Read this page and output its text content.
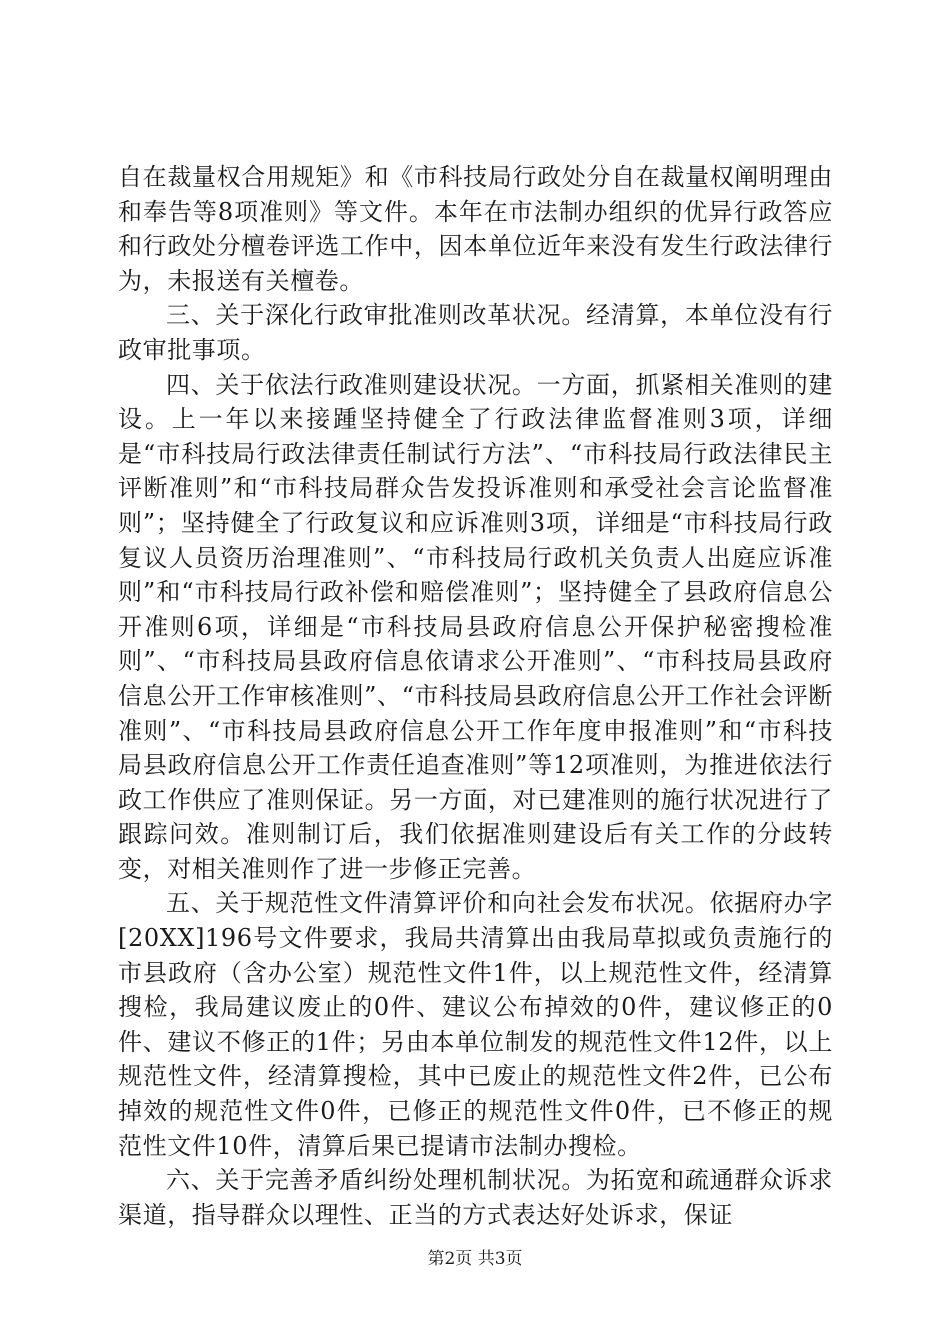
自在裁量权合用规矩》和《市科技局行政处分自在裁量权阐明理由和奉告等8项准则》等文件。本年在市法制办组织的优异行政答应和行政处分檀卷评选工作中，因本单位近年来没有发生行政法律行为，未报送有关檀卷。

三、关于深化行政审批准则改革状况。经清算，本单位没有行政审批事项。

四、关于依法行政准则建设状况。一方面，抓紧相关准则的建设。上一年以来接踵坚持健全了行政法律监督准则3项，详细是“市科技局行政法律责任制试行方法”、“市科技局行政法律民主评断准则”和“市科技局群众告发投诉准则和承受社会言论监督准则”；坚持健全了行政复议和应诉准则3项，详细是“市科技局行政复议人员资历治理准则”、“市科技局行政机关负责人出庭应诉准则”和“市科技局行政补偿和赔偿准则”；坚持健全了县政府信息公开准则6项，详细是“市科技局县政府信息公开保护秘密搜检准则”、“市科技局县政府信息依请求公开准则”、“市科技局县政府信息公开工作审核准则”、“市科技局县政府信息公开工作社会评断准则”、“市科技局县政府信息公开工作年度申报准则”和“市科技局县政府信息公开工作责任追查准则”等12项准则，为推进依法行政工作供应了准则保证。另一方面，对已建准则的施行状况进行了跟踪问效。准则制订后，我们依据准则建设后有关工作的分歧转变，对相关准则作了进一步修正完善。

五、关于规范性文件清算评价和向社会发布状况。依据府办字[20XX]196号文件要求，我局共清算出由我局草拟或负责施行的市县政府（含办公室）规范性文件1件，以上规范性文件，经清算搜检，我局建议废止的0件、建议公布掉效的0件，建议修正的0件、建议不修正的1件；另由本单位制发的规范性文件12件，以上规范性文件，经清算搜检，其中已废止的规范性文件2件，已公布掉效的规范性文件0件，已修正的规范性文件0件，已不修正的规范性文件10件，清算后果已提请市法制办搜检。

六、关于完善矛盾纠纷处理机制状况。为拓宽和疏通群众诉求渠道，指导群众以理性、正当的方式表达好处诉求，保证

第2页 共3页
